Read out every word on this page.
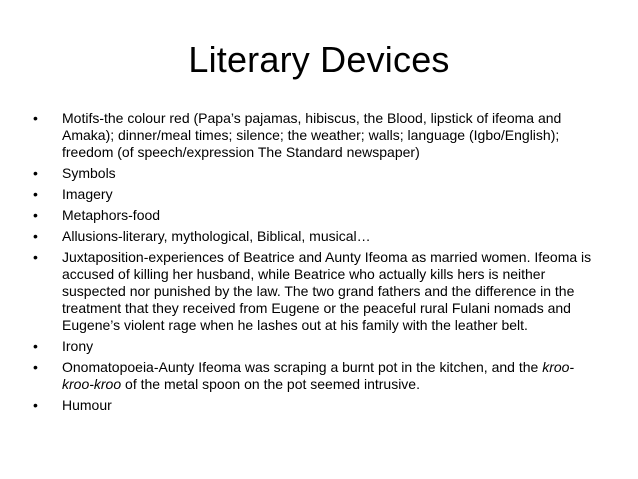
Literary Devices
• Motifs-the colour red (Papa’s pajamas, hibiscus, the Blood, lipstick of ifeoma and Amaka); dinner/meal times; silence; the weather; walls; language (Igbo/English); freedom (of speech/expression The Standard newspaper)
• Symbols
• Imagery
• Metaphors-food
• Allusions-literary, mythological, Biblical, musical…
• Juxtaposition-experiences of Beatrice and Aunty Ifeoma as married women. Ifeoma is accused of killing her husband, while Beatrice who actually kills hers is neither suspected nor punished by the law. The two grand fathers and the difference in the treatment that they received from Eugene or the peaceful rural Fulani nomads and Eugene’s violent rage when he lashes out at his family with the leather belt.
• Irony
• Onomatopoeia-Aunty Ifeoma was scraping a burnt pot in the kitchen, and the kroo-kroo-kroo of the metal spoon on the pot seemed intrusive.
• Humour
